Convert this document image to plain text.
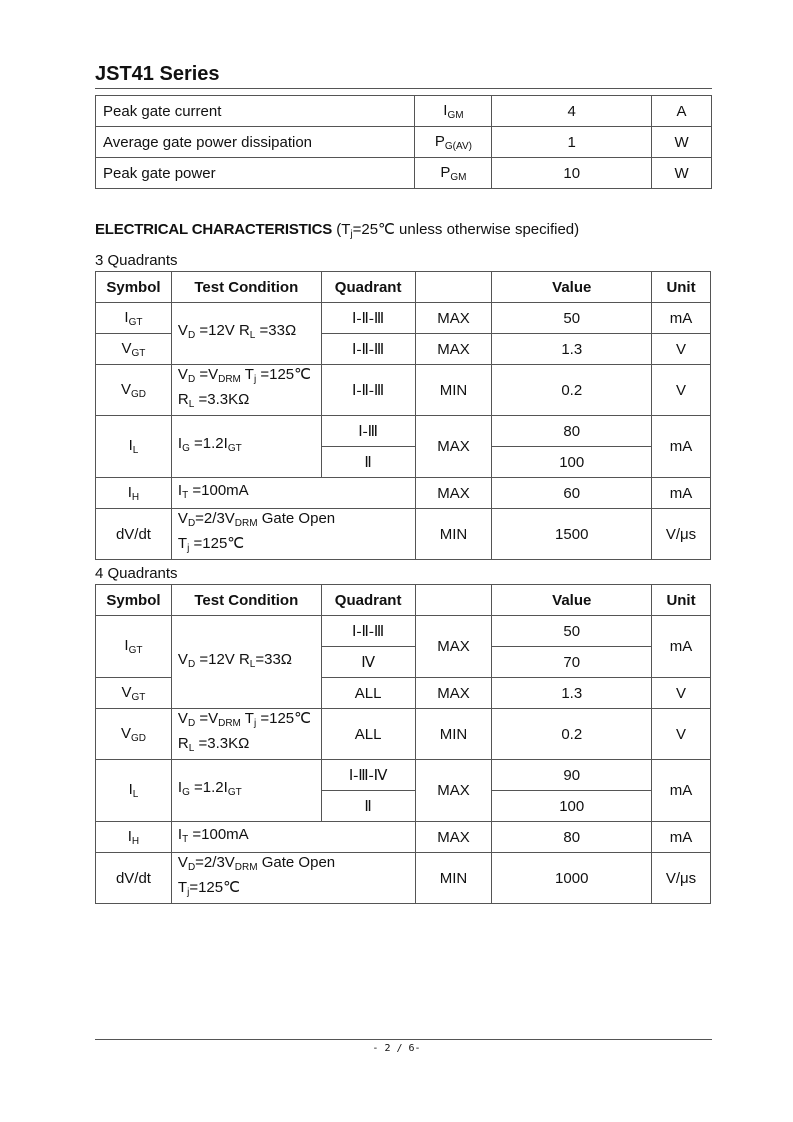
JST41 Series
Peak gate current	$I_{GM}$	4	A
Average gate power dissipation	$P_{G(AV)}$	1	W
Peak gate power	$P_{GM}$	10	W
ELECTRICAL CHARACTERISTICS ($T_j=25℃$ unless otherwise specified)
3 Quadrants
Symbol	Test Condition	Quadrant		Value	Unit
$I_{GT}$	$V_D =12V$ $R_L =33\Omega$	Ⅰ-Ⅱ-Ⅲ	MAX	50	mA
$V_{GT}$		Ⅰ-Ⅱ-Ⅲ	MAX	1.3	V
$V_{GD}$	$V_D =V_{DRM}$ $T_j$ =125℃
$R_L =3.3K\Omega$	Ⅰ-Ⅱ-Ⅲ	MIN	0.2	V
$I_L$	$I_G =1.2I_{GT}$	Ⅰ-Ⅲ	MAX	80	mA
		Ⅱ		100	
$I_H$	$I_T =100mA$		MAX	60	mA
dV/dt	$V_D=2/3V_{DRM}$ Gate Open
$T_j$ =125℃		MIN	1500	V/μs
4 Quadrants
Symbol	Test Condition	Quadrant		Value	Unit
$I_{GT}$	$V_D =12V$ $R_L=33\Omega$	Ⅰ-Ⅱ-Ⅲ	MAX	50	mA
		Ⅳ		70	
$V_{GT}$		ALL	MAX	1.3	V
$V_{GD}$	$V_D =V_{DRM}$ $T_j$ =125℃
$R_L =3.3K\Omega$	ALL	MIN	0.2	V
$I_L$	$I_G =1.2I_{GT}$	Ⅰ-Ⅲ-Ⅳ	MAX	90	mA
		Ⅱ		100	
$I_H$	$I_T =100mA$		MAX	80	mA
dV/dt	$V_D=2/3V_{DRM}$ Gate Open
$T_j=125℃$		MIN	1000	V/μs
- 2 / 6-
